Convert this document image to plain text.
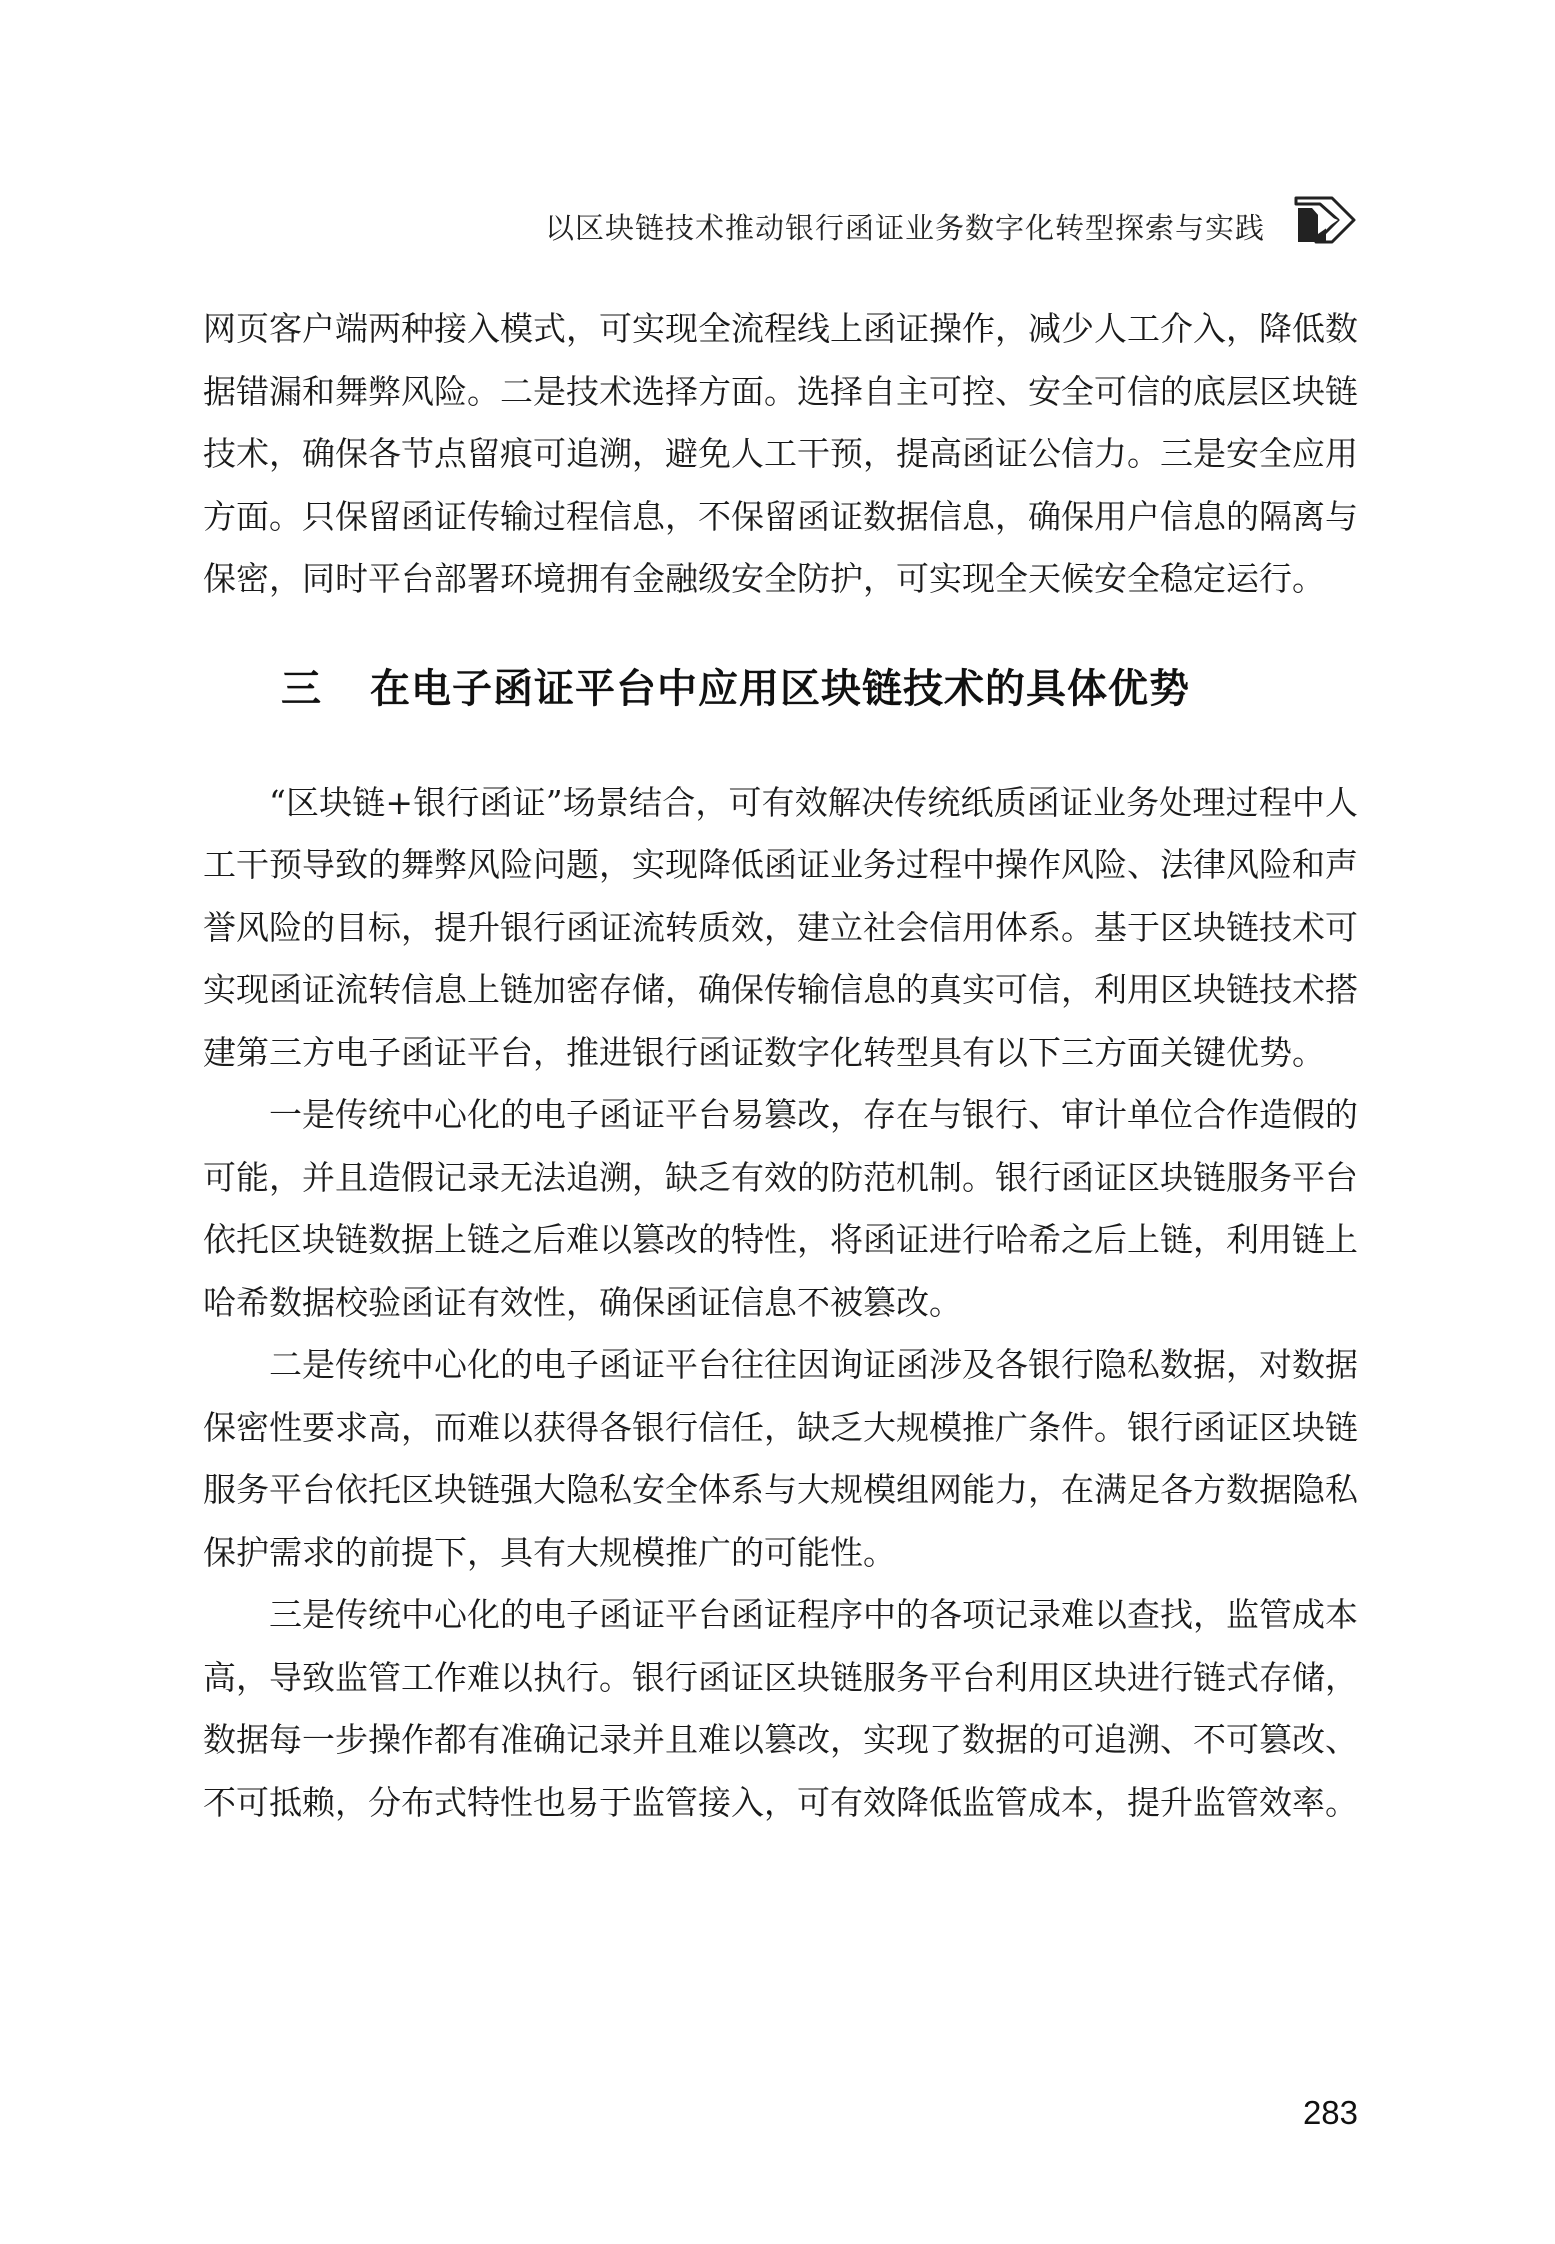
以区块链技术推动银行函证业务数字化转型探索与实践

网页客户端两种接入模式，可实现全流程线上函证操作，减少人工介入，降低数据错漏和舞弊风险。二是技术选择方面。选择自主可控、安全可信的底层区块链技术，确保各节点留痕可追溯，避免人工干预，提高函证公信力。三是安全应用方面。只保留函证传输过程信息，不保留函证数据信息，确保用户信息的隔离与保密，同时平台部署环境拥有金融级安全防护，可实现全天候安全稳定运行。

三 在电子函证平台中应用区块链技术的具体优势

“区块链+银行函证”场景结合，可有效解决传统纸质函证业务处理过程中人工干预导致的舞弊风险问题，实现降低函证业务过程中操作风险、法律风险和声誉风险的目标，提升银行函证流转质效，建立社会信用体系。基于区块链技术可实现函证流转信息上链加密存储，确保传输信息的真实可信，利用区块链技术搭建第三方电子函证平台，推进银行函证数字化转型具有以下三方面关键优势。

一是传统中心化的电子函证平台易篡改，存在与银行、审计单位合作造假的可能，并且造假记录无法追溯，缺乏有效的防范机制。银行函证区块链服务平台依托区块链数据上链之后难以篡改的特性，将函证进行哈希之后上链，利用链上哈希数据校验函证有效性，确保函证信息不被篡改。

二是传统中心化的电子函证平台往往因询证函涉及各银行隐私数据，对数据保密性要求高，而难以获得各银行信任，缺乏大规模推广条件。银行函证区块链服务平台依托区块链强大隐私安全体系与大规模组网能力，在满足各方数据隐私保护需求的前提下，具有大规模推广的可能性。

三是传统中心化的电子函证平台函证程序中的各项记录难以查找，监管成本高，导致监管工作难以执行。银行函证区块链服务平台利用区块进行链式存储，数据每一步操作都有准确记录并且难以篡改，实现了数据的可追溯、不可篡改、不可抵赖，分布式特性也易于监管接入，可有效降低监管成本，提升监管效率。

283
